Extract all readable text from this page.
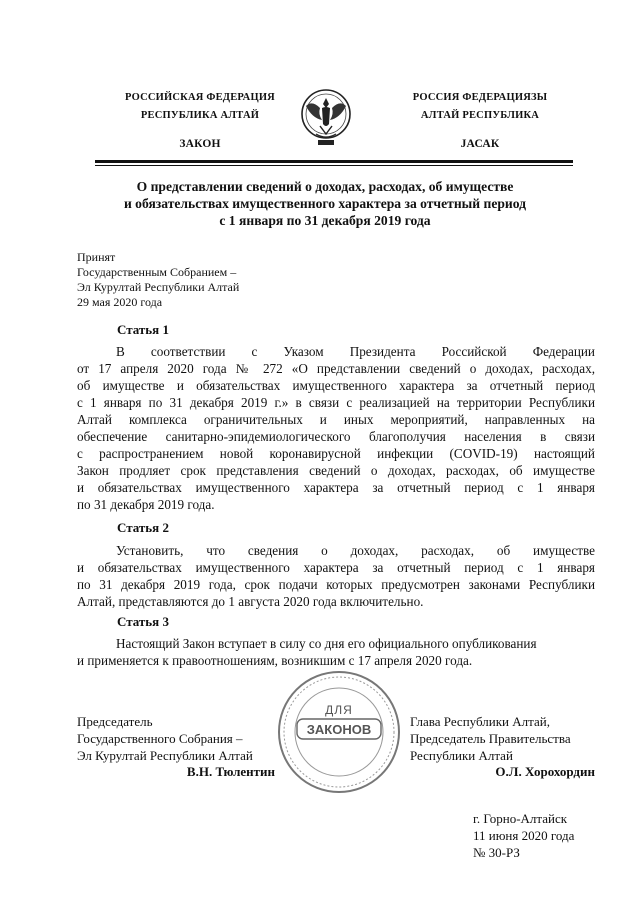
РОССИЙСКАЯ ФЕДЕРАЦИЯ
РЕСПУБЛИКА АЛТАЙ
ЗАКОН
РОССИЯ ФЕДЕРАЦИЯЗЫ
АЛТАЙ РЕСПУБЛИКА
JАСАК
О представлении сведений о доходах, расходах, об имуществе
и обязательствах имущественного характера за отчетный период
с 1 января по 31 декабря 2019 года
Принят
Государственным Собранием –
Эл Курултай Республики Алтай
29 мая 2020 года
Статья 1
В соответствии с Указом Президента Российской Федерации
от 17 апреля 2020 года № 272 «О представлении сведений о доходах, расходах,
об имуществе и обязательствах имущественного характера за отчетный период
с 1 января по 31 декабря 2019 г.» в связи с реализацией на территории Республики
Алтай комплекса ограничительных и иных мероприятий, направленных на
обеспечение санитарно-эпидемиологического благополучия населения в связи
с распространением новой коронавирусной инфекции (COVID-19) настоящий
Закон продляет срок представления сведений о доходах, расходах, об имуществе
и обязательствах имущественного характера за отчетный период с 1 января
по 31 декабря 2019 года.
Статья 2
Установить, что сведения о доходах, расходах, об имуществе
и обязательствах имущественного характера за отчетный период с 1 января
по 31 декабря 2019 года, срок подачи которых предусмотрен законами Республики
Алтай, представляются до 1 августа 2020 года включительно.
Статья 3
Настоящий Закон вступает в силу со дня его официального опубликования
и применяется к правоотношениям, возникшим с 17 апреля 2020 года.
ДЛЯ
ЗАКОНОВ
Председатель
Государственного Собрания –
Эл Курултай Республики Алтай
В.Н. Тюлентин
Глава Республики Алтай,
Председатель Правительства
Республики Алтай
О.Л. Хорохордин
г. Горно-Алтайск
11 июня 2020 года
№ 30-РЗ
